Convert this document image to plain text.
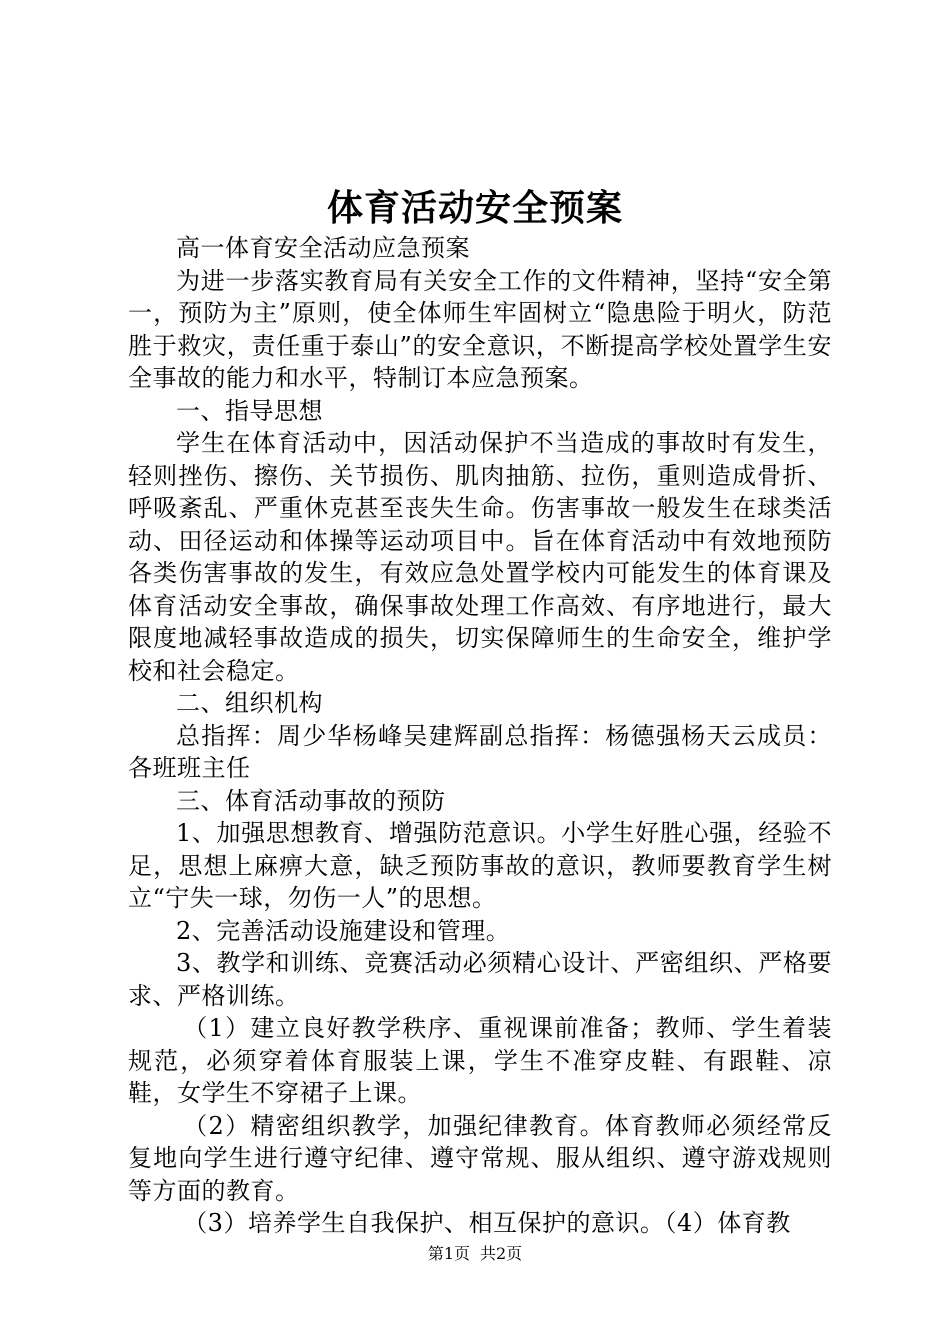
体育活动安全预案

高一体育安全活动应急预案

为进一步落实教育局有关安全工作的文件精神，坚持“安全第一，预防为主”原则，使全体师生牢固树立“隐患险于明火，防范胜于救灾，责任重于泰山”的安全意识，不断提高学校处置学生安全事故的能力和水平，特制订本应急预案。

一、指导思想

学生在体育活动中，因活动保护不当造成的事故时有发生，轻则挫伤、擦伤、关节损伤、肌肉抽筋、拉伤，重则造成骨折、呼吸紊乱、严重休克甚至丧失生命。伤害事故一般发生在球类活动、田径运动和体操等运动项目中。旨在体育活动中有效地预防各类伤害事故的发生，有效应急处置学校内可能发生的体育课及体育活动安全事故，确保事故处理工作高效、有序地进行，最大限度地减轻事故造成的损失，切实保障师生的生命安全，维护学校和社会稳定。

二、组织机构

总指挥：周少华杨峰吴建辉副总指挥：杨德强杨天云成员：各班班主任

三、体育活动事故的预防

1、加强思想教育、增强防范意识。小学生好胜心强，经验不足，思想上麻痹大意，缺乏预防事故的意识，教师要教育学生树立“宁失一球，勿伤一人”的思想。

2、完善活动设施建设和管理。

3、教学和训练、竞赛活动必须精心设计、严密组织、严格要求、严格训练。

（1）建立良好教学秩序、重视课前准备；教师、学生着装规范，必须穿着体育服装上课，学生不准穿皮鞋、有跟鞋、凉鞋，女学生不穿裙子上课。

（2）精密组织教学，加强纪律教育。体育教师必须经常反复地向学生进行遵守纪律、遵守常规、服从组织、遵守游戏规则等方面的教育。

（3）培养学生自我保护、相互保护的意识。（4）体育教

第1页 共2页
